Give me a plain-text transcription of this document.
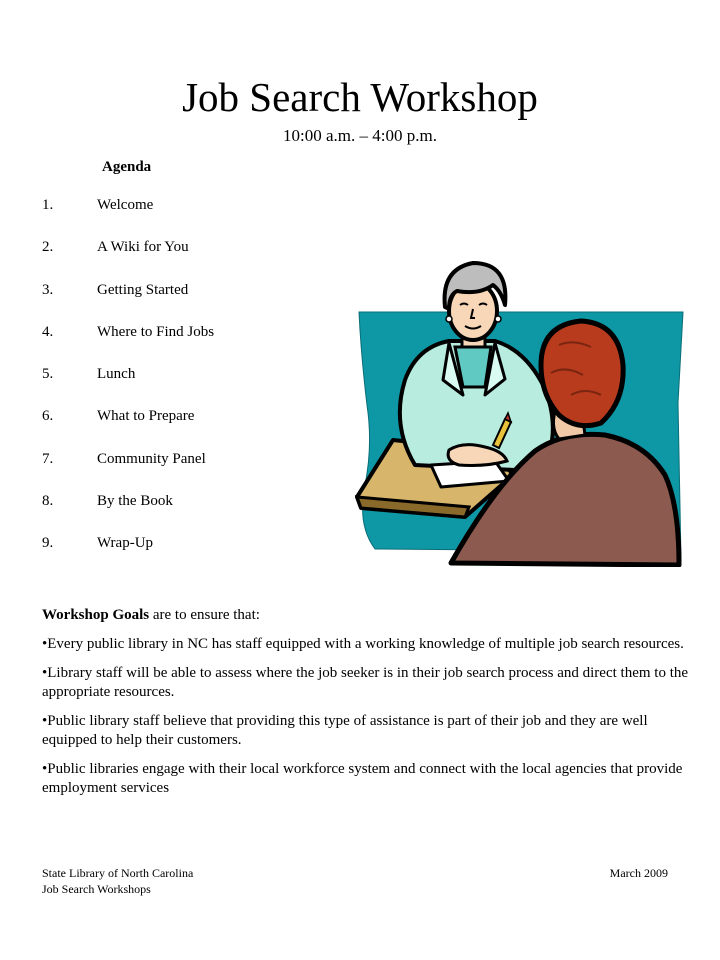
Job Search Workshop
10:00 a.m. – 4:00 p.m.
Agenda
1.	Welcome
2.	A Wiki for You
3.	Getting Started
4.	Where to Find Jobs
5.	Lunch
6.	What to Prepare
7.	Community Panel
8.	By the Book
9.	Wrap-Up

Workshop Goals are to ensure that:

•Every public library in NC has staff equipped with a working knowledge of multiple job search resources.

•Library staff will be able to assess where the job seeker is in their job search process and direct them to the appropriate resources.

•Public library staff believe that providing this type of assistance is part of their job and they are well equipped to help their customers.

•Public libraries engage with their local workforce system and connect with the local agencies that provide employment services

State Library of North Carolina
Job Search Workshops
March 2009
